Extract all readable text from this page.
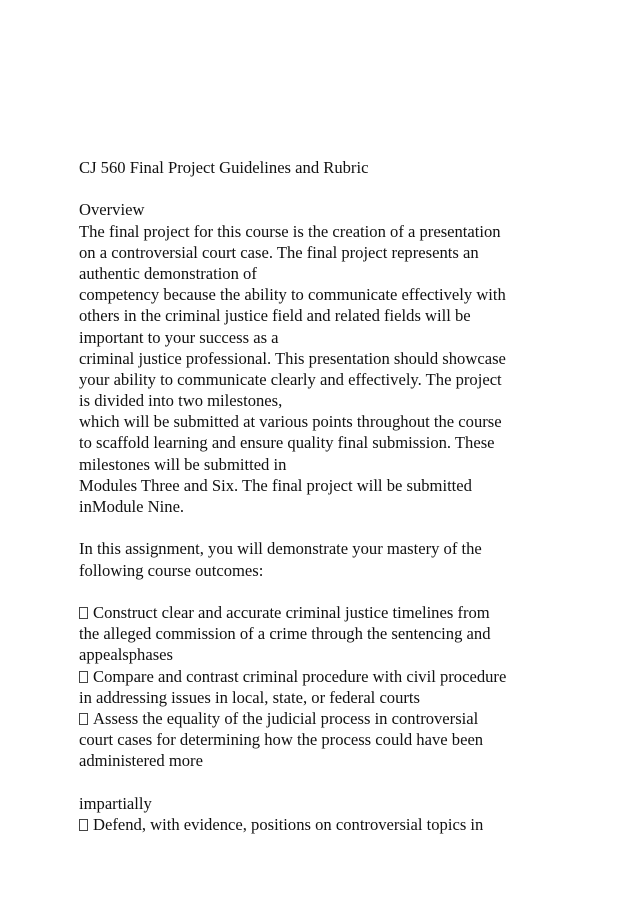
CJ 560 Final Project Guidelines and Rubric
Overview
The final project for this course is the creation of a presentation
on a controversial court case. The final project represents an
authentic demonstration of
competency because the ability to communicate effectively with
others in the criminal justice field and related fields will be
important to your success as a
criminal justice professional. This presentation should showcase
your ability to communicate clearly and effectively. The project
is divided into two milestones,
which will be submitted at various points throughout the course
to scaffold learning and ensure quality final submission. These
milestones will be submitted in
Modules Three and Six. The final project will be submitted
inModule Nine.
In this assignment, you will demonstrate your mastery of the
following course outcomes:
Construct clear and accurate criminal justice timelines from
the alleged commission of a crime through the sentencing and
appealsphases
Compare and contrast criminal procedure with civil procedure
in addressing issues in local, state, or federal courts
Assess the equality of the judicial process in controversial
court cases for determining how the process could have been
administered more
impartially
Defend, with evidence, positions on controversial topics in
